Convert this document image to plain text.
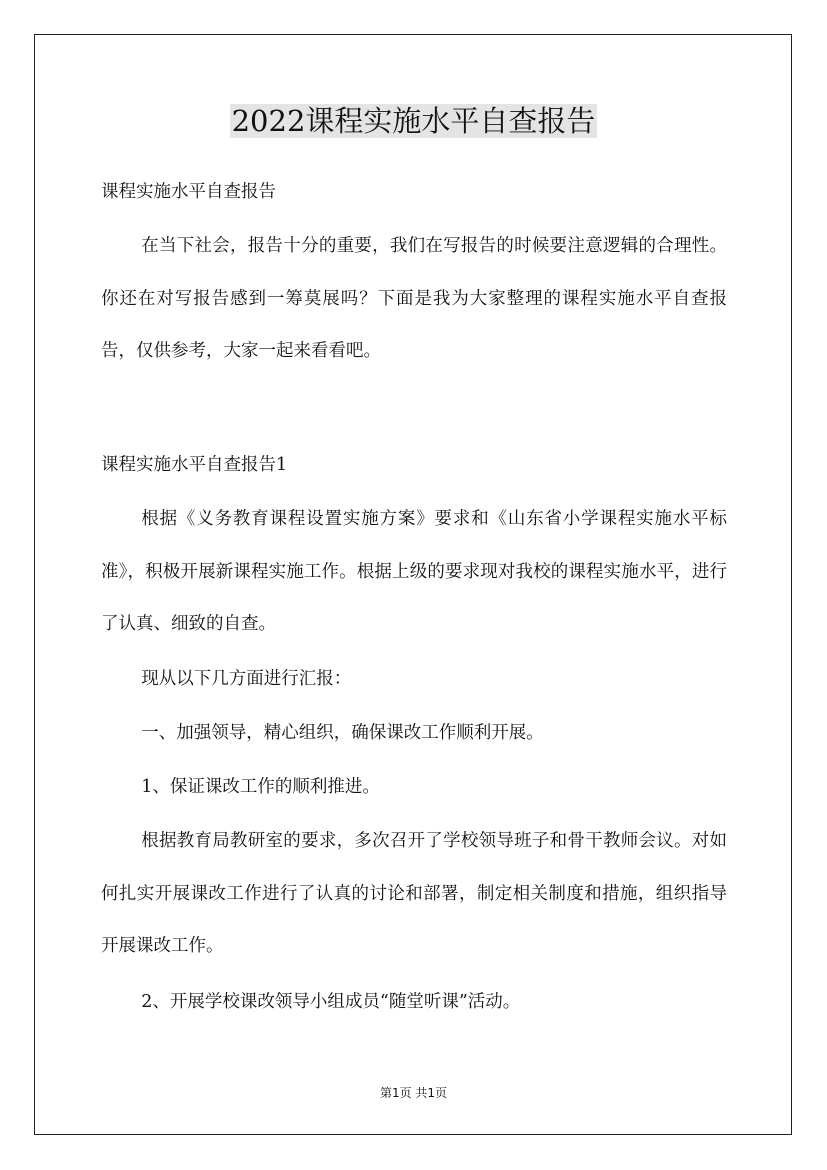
2022课程实施水平自查报告

课程实施水平自查报告

在当下社会，报告十分的重要，我们在写报告的时候要注意逻辑的合理性。你还在对写报告感到一筹莫展吗？下面是我为大家整理的课程实施水平自查报告，仅供参考，大家一起来看看吧。

课程实施水平自查报告1

根据《义务教育课程设置实施方案》要求和《山东省小学课程实施水平标准》，积极开展新课程实施工作。根据上级的要求现对我校的课程实施水平，进行了认真、细致的自查。

现从以下几方面进行汇报：

一、加强领导，精心组织，确保课改工作顺利开展。

1、保证课改工作的顺利推进。

根据教育局教研室的要求，多次召开了学校领导班子和骨干教师会议。对如何扎实开展课改工作进行了认真的讨论和部署，制定相关制度和措施，组织指导开展课改工作。

2、开展学校课改领导小组成员“随堂听课”活动。

第1页 共1页
